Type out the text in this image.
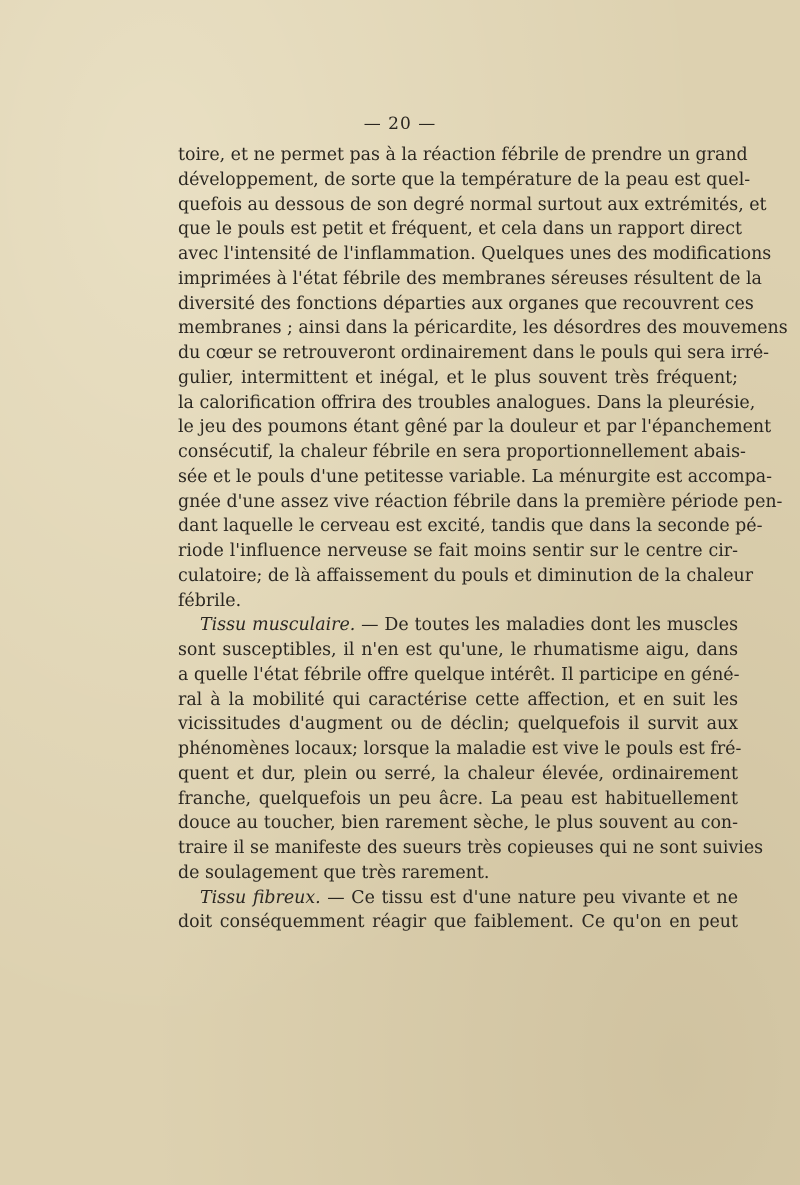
— 20 —
toire, et ne permet pas à la réaction fébrile de prendre un grand
développement, de sorte que la température de la peau est quel-
quefois au dessous de son degré normal surtout aux extrémités, et
que le pouls est petit et fréquent, et cela dans un rapport direct
avec l'intensité de l'inflammation. Quelques unes des modifications
imprimées à l'état fébrile des membranes séreuses résultent de la
diversité des fonctions départies aux organes que recouvrent ces
membranes ; ainsi dans la péricardite, les désordres des mouvemens
du cœur se retrouveront ordinairement dans le pouls qui sera irré-
gulier, intermittent et inégal, et le plus souvent très fréquent;
la calorification offrira des troubles analogues. Dans la pleurésie,
le jeu des poumons étant gêné par la douleur et par l'épanchement
consécutif, la chaleur fébrile en sera proportionnellement abais-
sée et le pouls d'une petitesse variable. La ménurgite est accompa-
gnée d'une assez vive réaction fébrile dans la première période pen-
dant laquelle le cerveau est excité, tandis que dans la seconde pé-
riode l'influence nerveuse se fait moins sentir sur le centre cir-
culatoire; de là affaissement du pouls et diminution de la chaleur
fébrile.
Tissu musculaire. — De toutes les maladies dont les muscles
sont susceptibles, il n'en est qu'une, le rhumatisme aigu, dans
a quelle l'état fébrile offre quelque intérêt. Il participe en géné-
ral à la mobilité qui caractérise cette affection, et en suit les
vicissitudes d'augment ou de déclin; quelquefois il survit aux
phénomènes locaux; lorsque la maladie est vive le pouls est fré-
quent et dur, plein ou serré, la chaleur élevée, ordinairement
franche, quelquefois un peu âcre. La peau est habituellement
douce au toucher, bien rarement sèche, le plus souvent au con-
traire il se manifeste des sueurs très copieuses qui ne sont suivies
de soulagement que très rarement.
Tissu fibreux. — Ce tissu est d'une nature peu vivante et ne
doit conséquemment réagir que faiblement. Ce qu'on en peut
